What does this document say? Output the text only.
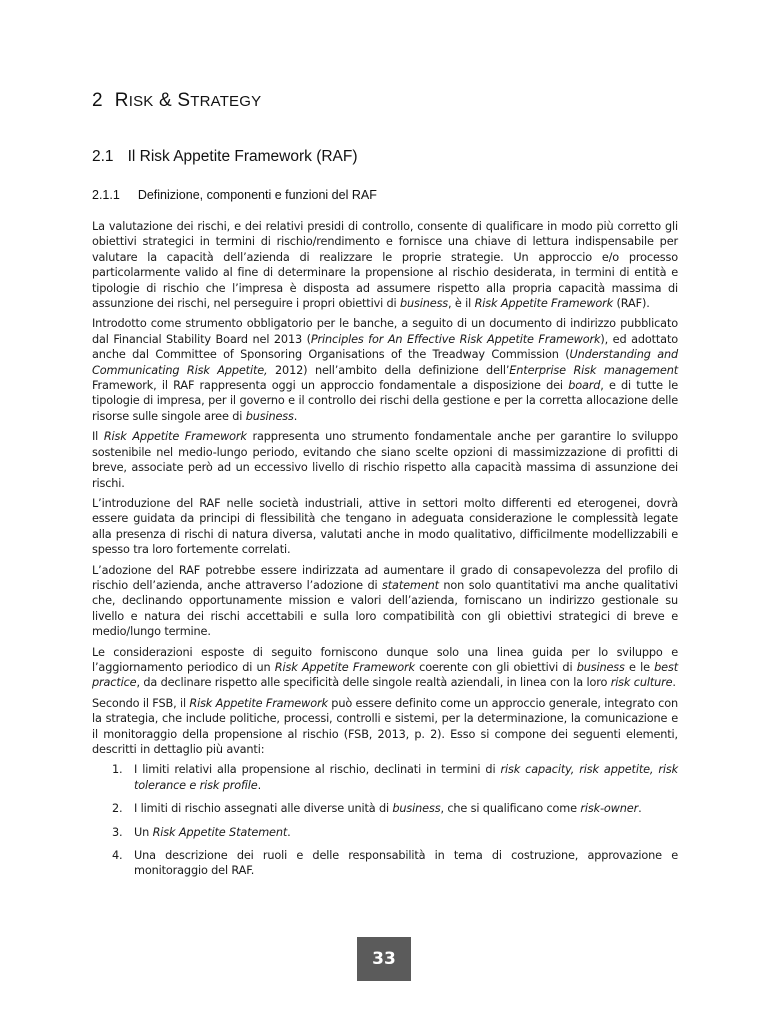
2 RISK & STRATEGY
2.1 Il Risk Appetite Framework (RAF)
2.1.1 Definizione, componenti e funzioni del RAF

La valutazione dei rischi, e dei relativi presidi di controllo, consente di qualificare in modo più corretto gli obiettivi strategici in termini di rischio/rendimento e fornisce una chiave di lettura indispensabile per valutare la capacità dell’azienda di realizzare le proprie strategie. Un approccio e/o processo particolarmente valido al fine di determinare la propensione al rischio desiderata, in termini di entità e tipologie di rischio che l’impresa è disposta ad assumere rispetto alla propria capacità massima di assunzione dei rischi, nel perseguire i propri obiettivi di business, è il Risk Appetite Framework (RAF).

Introdotto come strumento obbligatorio per le banche, a seguito di un documento di indirizzo pubblicato dal Financial Stability Board nel 2013 (Principles for An Effective Risk Appetite Framework), ed adottato anche dal Committee of Sponsoring Organisations of the Treadway Commission (Understanding and Communicating Risk Appetite, 2012) nell’ambito della definizione dell’Enterprise Risk management Framework, il RAF rappresenta oggi un approccio fondamentale a disposizione dei board, e di tutte le tipologie di impresa, per il governo e il controllo dei rischi della gestione e per la corretta allocazione delle risorse sulle singole aree di business.

Il Risk Appetite Framework rappresenta uno strumento fondamentale anche per garantire lo sviluppo sostenibile nel medio-lungo periodo, evitando che siano scelte opzioni di massimizzazione di profitti di breve, associate però ad un eccessivo livello di rischio rispetto alla capacità massima di assunzione dei rischi.

L’introduzione del RAF nelle società industriali, attive in settori molto differenti ed eterogenei, dovrà essere guidata da principi di flessibilità che tengano in adeguata considerazione le complessità legate alla presenza di rischi di natura diversa, valutati anche in modo qualitativo, difficilmente modellizzabili e spesso tra loro fortemente correlati.

L’adozione del RAF potrebbe essere indirizzata ad aumentare il grado di consapevolezza del profilo di rischio dell’azienda, anche attraverso l’adozione di statement non solo quantitativi ma anche qualitativi che, declinando opportunamente mission e valori dell’azienda, forniscano un indirizzo gestionale su livello e natura dei rischi accettabili e sulla loro compatibilità con gli obiettivi strategici di breve e medio/lungo termine.

Le considerazioni esposte di seguito forniscono dunque solo una linea guida per lo sviluppo e l’aggiornamento periodico di un Risk Appetite Framework coerente con gli obiettivi di business e le best practice, da declinare rispetto alle specificità delle singole realtà aziendali, in linea con la loro risk culture.

Secondo il FSB, il Risk Appetite Framework può essere definito come un approccio generale, integrato con la strategia, che include politiche, processi, controlli e sistemi, per la determinazione, la comunicazione e il monitoraggio della propensione al rischio (FSB, 2013, p. 2). Esso si compone dei seguenti elementi, descritti in dettaglio più avanti:

1. I limiti relativi alla propensione al rischio, declinati in termini di risk capacity, risk appetite, risk tolerance e risk profile.
2. I limiti di rischio assegnati alle diverse unità di business, che si qualificano come risk-owner.
3. Un Risk Appetite Statement.
4. Una descrizione dei ruoli e delle responsabilità in tema di costruzione, approvazione e monitoraggio del RAF.
33
